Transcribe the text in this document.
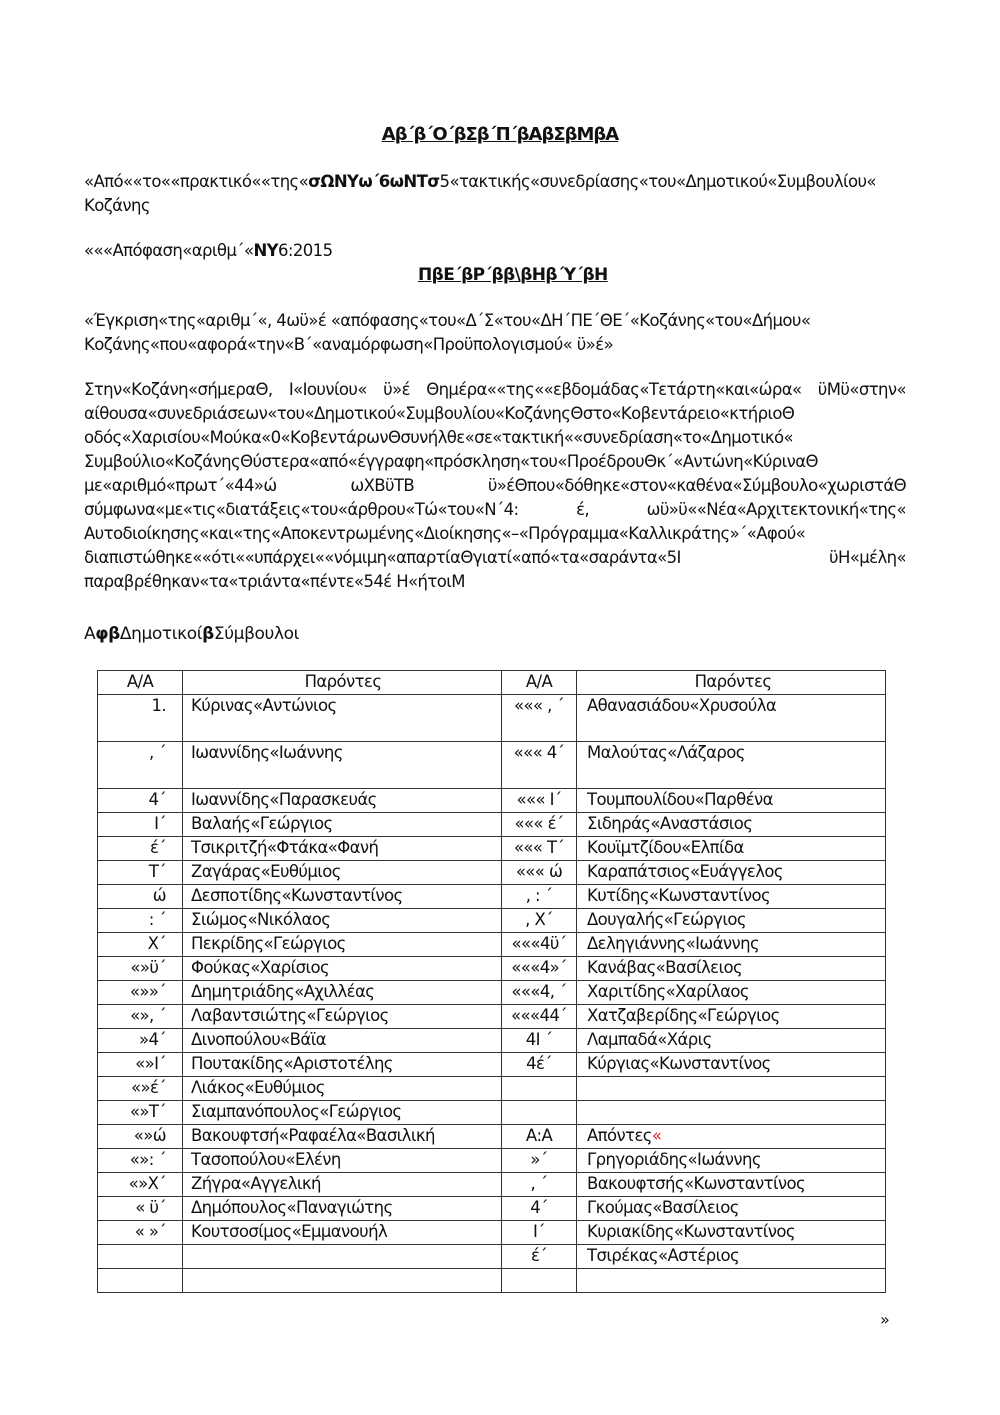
Αβ΄β΄Ο΄βΣβ΄Π΄βΑβΣβΜβΑ
«Από««το««πρακτικό««της«σΩΝΥω΄6ωΝΤσ5«τακτικής«συνεδρίασης«του«Δημοτικού«Συμβουλίου« Κοζάνης
«««Απόφαση«αριθμ΄«ΝΥ6:2015
ΠβΕ΄βΡ΄ββ\βΗβ΄Υ΄βΗ
«Έγκριση«της«αριθμ΄«, 4ωϋ»έ «απόφασης«του«Δ΄Σ«του«ΔΗ΄ΠΕ΄ΘΕ΄«Κοζάνης«του«Δήμου« Κοζάνης«που«αφορά«την«Β΄«αναμόρφωση«Προϋπολογισμού« ϋ»έ»
Στην«Κοζάνη«σήμεραΘ, Ι«Ιουνίου« ϋ»έ Θημέρα««της««εβδομάδας«Τετάρτη«και«ώρα« ϋΜϋ«στην« αίθουσα«συνεδριάσεων«του«Δημοτικού«Συμβουλίου«ΚοζάνηςΘστο«Κοβεντάρειο«κτήριοΘ οδός«Χαρισίου«Μούκα«0«ΚοβεντάρωνΘσυνήλθε«σε«τακτική««συνεδρίαση«το«Δημοτικό« Συμβούλιο«ΚοζάνηςΘύστερα«από«έγγραφη«πρόσκληση«του«ΠροέδρουΘκ΄«Αντώνη«ΚύριναΘ με«αριθμό«πρωτ΄«44»ώ ωΧΒϋΤΒ ϋ»έΘπου«δόθηκε«στον«καθένα«Σύμβουλο«χωριστάΘ σύμφωνα«με«τις«διατάξεις«του«άρθρου«Τώ«του«Ν΄4: έ, ωϋ»ϋ««Νέα«Αρχιτεκτονική«της« Αυτοδιοίκησης«και«της«Αποκεντρωμένης«Διοίκησης«–«Πρόγραμμα«Καλλικράτης»΄«Αφού« διαπιστώθηκε««ότι««υπάρχει««νόμιμη«απαρτίαΘγιατί«από«τα«σαράντα«5Ι ϋΗ«μέλη« παραβρέθηκαν«τα«τριάντα«πέντε«54έ Η«ήτοιΜ
ΑφβΔημοτικοίβΣύμβουλοι
Α/Α	Παρόντες	Α/Α	Παρόντες
1.	Κύρινας«Αντώνιος	««« , ΄	Αθανασιάδου«Χρυσούλα
, ΄	Ιωαννίδης«Ιωάννης	««« 4΄	Μαλούτας«Λάζαρος
4΄	Ιωαννίδης«Παρασκευάς	««« Ι΄	Τουμπουλίδου«Παρθένα
Ι΄	Βαλαής«Γεώργιος	««« έ΄	Σιδηράς«Αναστάσιος
έ΄	Τσικριτζή«Φτάκα«Φανή	««« Τ΄	Κουϊμτζίδου«Ελπίδα
Τ΄	Ζαγάρας«Ευθύμιος	««« ώ	Καραπάτσιος«Ευάγγελος
ώ	Δεσποτίδης«Κωνσταντίνος	, : ΄	Κυτίδης«Κωνσταντίνος
: ΄	Σιώμος«Νικόλαος	, Χ΄	Δουγαλής«Γεώργιος
Χ΄	Πεκρίδης«Γεώργιος	«««4ϋ΄	Δεληγιάννης«Ιωάννης
«»ϋ΄	Φούκας«Χαρίσιος	«««4»΄	Κανάβας«Βασίλειος
«»»΄	Δημητριάδης«Αχιλλέας	«««4, ΄	Χαριτίδης«Χαρίλαος
«», ΄	Λαβαντσιώτης«Γεώργιος	«««44΄	Χατζαβερίδης«Γεώργιος
»4΄	Δινοπούλου«Βάϊα	4Ι ΄	Λαμπαδά«Χάρις
«»Ι΄	Πουτακίδης«Αριστοτέλης	4έ΄	Κύργιας«Κωνσταντίνος
«»έ΄	Λιάκος«Ευθύμιος		
«»Τ΄	Σιαμπανόπουλος«Γεώργιος		
«»ώ	Βακουφτσή«Ραφαέλα«Βασιλική	Α:Α	Απόντες«
«»: ΄	Τασοπούλου«Ελένη	»΄	Γρηγοριάδης«Ιωάννης
«»Χ΄	Ζήγρα«Αγγελική	, ΄	Βακουφτσής«Κωνσταντίνος
« ϋ΄	Δημόπουλος«Παναγιώτης	4΄	Γκούμας«Βασίλειος
« »΄	Κουτσοσίμος«Εμμανουήλ	Ι΄	Κυριακίδης«Κωνσταντίνος
		έ΄	Τσιρέκας«Αστέριος

»
